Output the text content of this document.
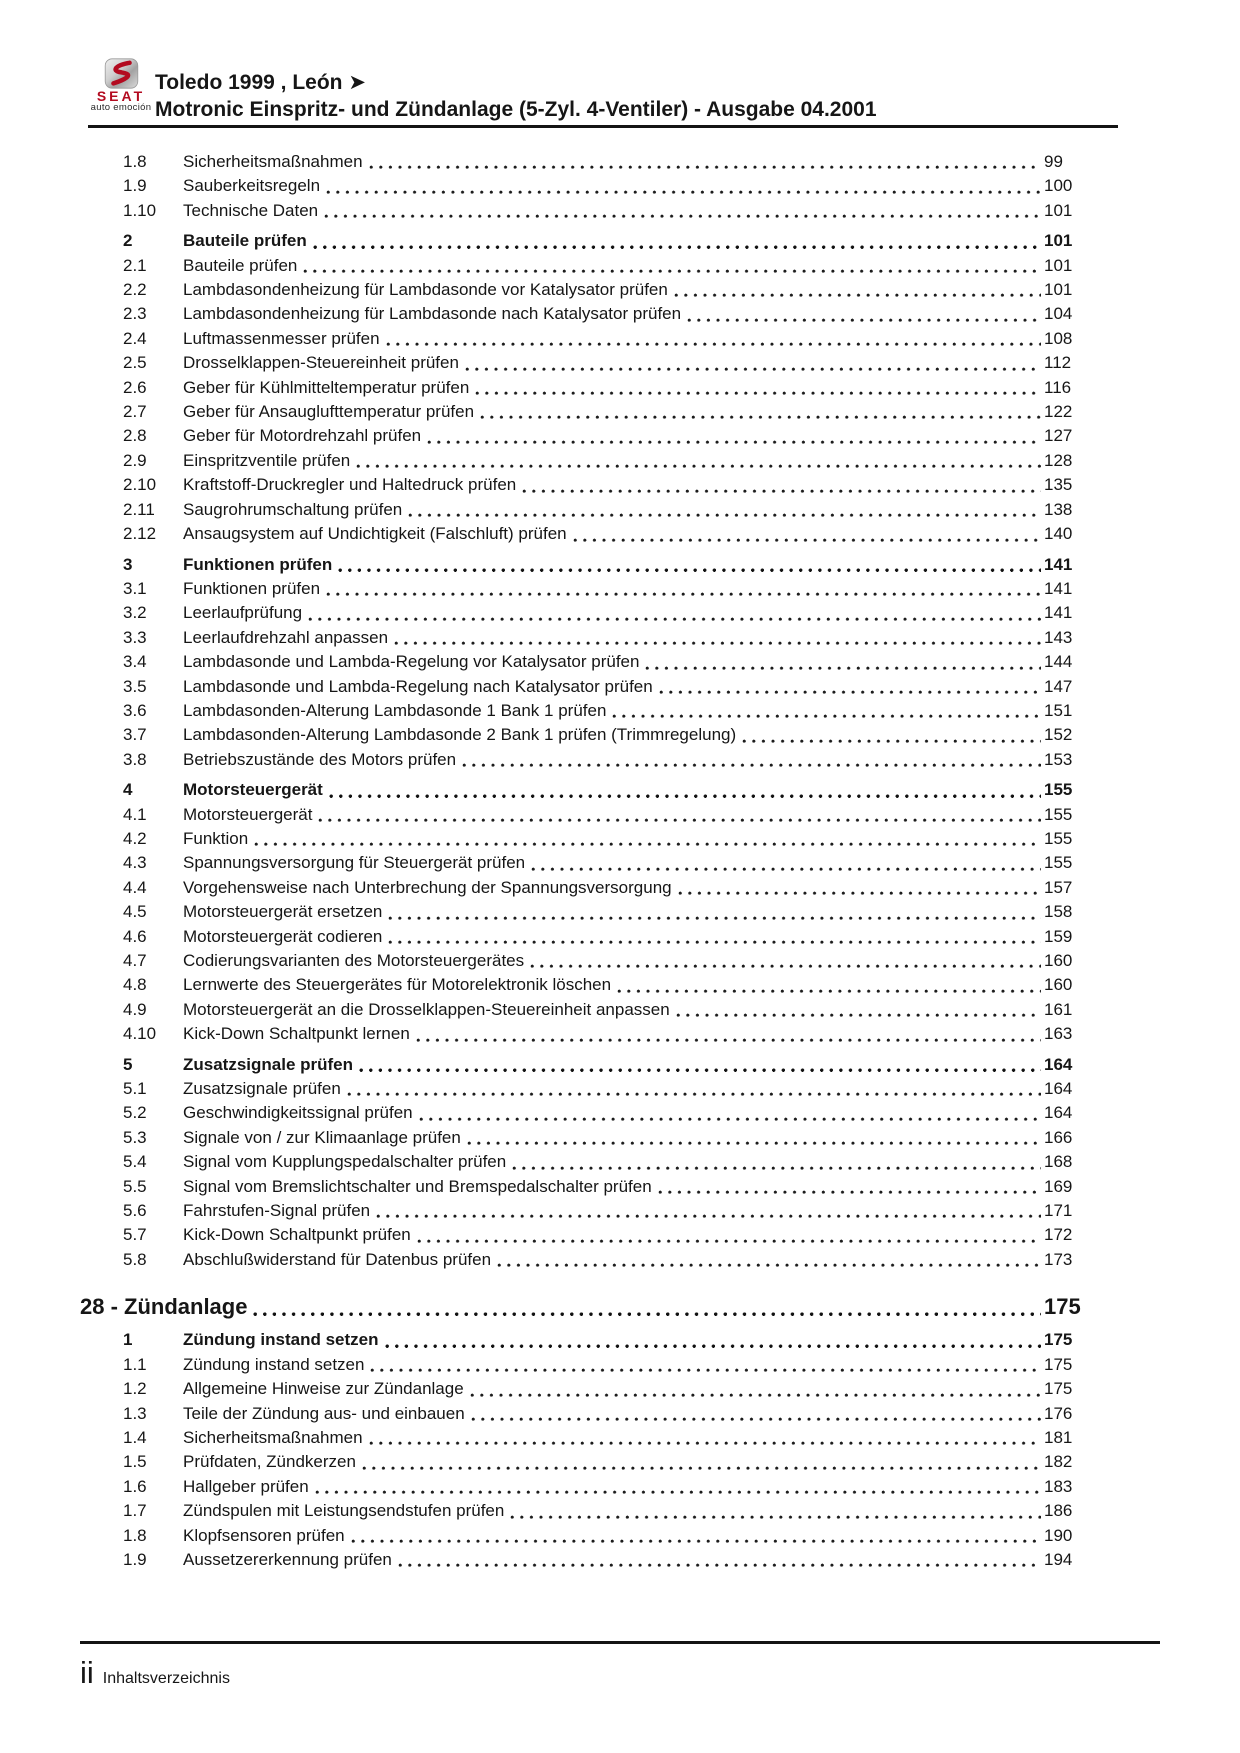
SEAT
auto emoción
Toledo 1999 , León ➤
Motronic Einspritz- und Zündanlage (5-Zyl. 4-Ventiler) - Ausgabe 04.2001
1.8	Sicherheitsmaßnahmen	99
1.9	Sauberkeitsregeln	100
1.10	Technische Daten	101
2	Bauteile prüfen	101
2.1	Bauteile prüfen	101
2.2	Lambdasondenheizung für Lambdasonde vor Katalysator prüfen	101
2.3	Lambdasondenheizung für Lambdasonde nach Katalysator prüfen	104
2.4	Luftmassenmesser prüfen	108
2.5	Drosselklappen-Steuereinheit prüfen	112
2.6	Geber für Kühlmitteltemperatur prüfen	116
2.7	Geber für Ansauglufttemperatur prüfen	122
2.8	Geber für Motordrehzahl prüfen	127
2.9	Einspritzventile prüfen	128
2.10	Kraftstoff-Druckregler und Haltedruck prüfen	135
2.11	Saugrohrumschaltung prüfen	138
2.12	Ansaugsystem auf Undichtigkeit (Falschluft) prüfen	140
3	Funktionen prüfen	141
3.1	Funktionen prüfen	141
3.2	Leerlaufprüfung	141
3.3	Leerlaufdrehzahl anpassen	143
3.4	Lambdasonde und Lambda-Regelung vor Katalysator prüfen	144
3.5	Lambdasonde und Lambda-Regelung nach Katalysator prüfen	147
3.6	Lambdasonden-Alterung Lambdasonde 1 Bank 1 prüfen	151
3.7	Lambdasonden-Alterung Lambdasonde 2 Bank 1 prüfen (Trimmregelung)	152
3.8	Betriebszustände des Motors prüfen	153
4	Motorsteuergerät	155
4.1	Motorsteuergerät	155
4.2	Funktion	155
4.3	Spannungsversorgung für Steuergerät prüfen	155
4.4	Vorgehensweise nach Unterbrechung der Spannungsversorgung	157
4.5	Motorsteuergerät ersetzen	158
4.6	Motorsteuergerät codieren	159
4.7	Codierungsvarianten des Motorsteuergerätes	160
4.8	Lernwerte des Steuergerätes für Motorelektronik löschen	160
4.9	Motorsteuergerät an die Drosselklappen-Steuereinheit anpassen	161
4.10	Kick-Down Schaltpunkt lernen	163
5	Zusatzsignale prüfen	164
5.1	Zusatzsignale prüfen	164
5.2	Geschwindigkeitssignal prüfen	164
5.3	Signale von / zur Klimaanlage prüfen	166
5.4	Signal vom Kupplungspedalschalter prüfen	168
5.5	Signal vom Bremslichtschalter und Bremspedalschalter prüfen	169
5.6	Fahrstufen-Signal prüfen	171
5.7	Kick-Down Schaltpunkt prüfen	172
5.8	Abschlußwiderstand für Datenbus prüfen	173
28 - Zündanlage	175
1	Zündung instand setzen	175
1.1	Zündung instand setzen	175
1.2	Allgemeine Hinweise zur Zündanlage	175
1.3	Teile der Zündung aus- und einbauen	176
1.4	Sicherheitsmaßnahmen	181
1.5	Prüfdaten, Zündkerzen	182
1.6	Hallgeber prüfen	183
1.7	Zündspulen mit Leistungsendstufen prüfen	186
1.8	Klopfsensoren prüfen	190
1.9	Aussetzererkennung prüfen	194
ii Inhaltsverzeichnis
